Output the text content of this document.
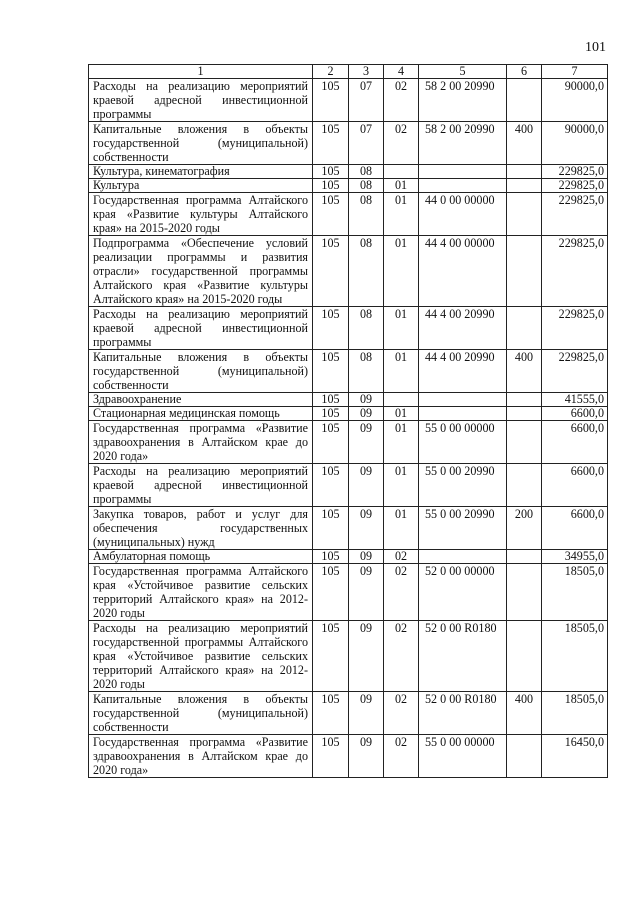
101
1	2	3	4	5	6	7
Расходы на реализацию мероприятий краевой адресной инвестиционной программы	105	07	02	58 2 00 20990		90000,0
Капитальные вложения в объекты государственной (муниципальной) собственности	105	07	02	58 2 00 20990	400	90000,0
Культура, кинематография	105	08				229825,0
Культура	105	08	01			229825,0
Государственная программа Алтайского края «Развитие культуры Алтайского края» на 2015-2020 годы	105	08	01	44 0 00 00000		229825,0
Подпрограмма «Обеспечение условий реализации программы и развития отрасли» государственной программы Алтайского края «Развитие культуры Алтайского края» на 2015-2020 годы	105	08	01	44 4 00 00000		229825,0
Расходы на реализацию мероприятий краевой адресной инвестиционной программы	105	08	01	44 4 00 20990		229825,0
Капитальные вложения в объекты государственной (муниципальной) собственности	105	08	01	44 4 00 20990	400	229825,0
Здравоохранение	105	09				41555,0
Стационарная медицинская помощь	105	09	01			6600,0
Государственная программа «Развитие здравоохранения в Алтайском крае до 2020 года»	105	09	01	55 0 00 00000		6600,0
Расходы на реализацию мероприятий краевой адресной инвестиционной программы	105	09	01	55 0 00 20990		6600,0
Закупка товаров, работ и услуг для обеспечения государственных (муниципальных) нужд	105	09	01	55 0 00 20990	200	6600,0
Амбулаторная помощь	105	09	02			34955,0
Государственная программа Алтайского края «Устойчивое развитие сельских территорий Алтайского края» на 2012-2020 годы	105	09	02	52 0 00 00000		18505,0
Расходы на реализацию мероприятий государственной программы Алтайского края «Устойчивое развитие сельских территорий Алтайского края» на 2012-2020 годы	105	09	02	52 0 00 R0180		18505,0
Капитальные вложения в объекты государственной (муниципальной) собственности	105	09	02	52 0 00 R0180	400	18505,0
Государственная программа «Развитие здравоохранения в Алтайском крае до 2020 года»	105	09	02	55 0 00 00000		16450,0
